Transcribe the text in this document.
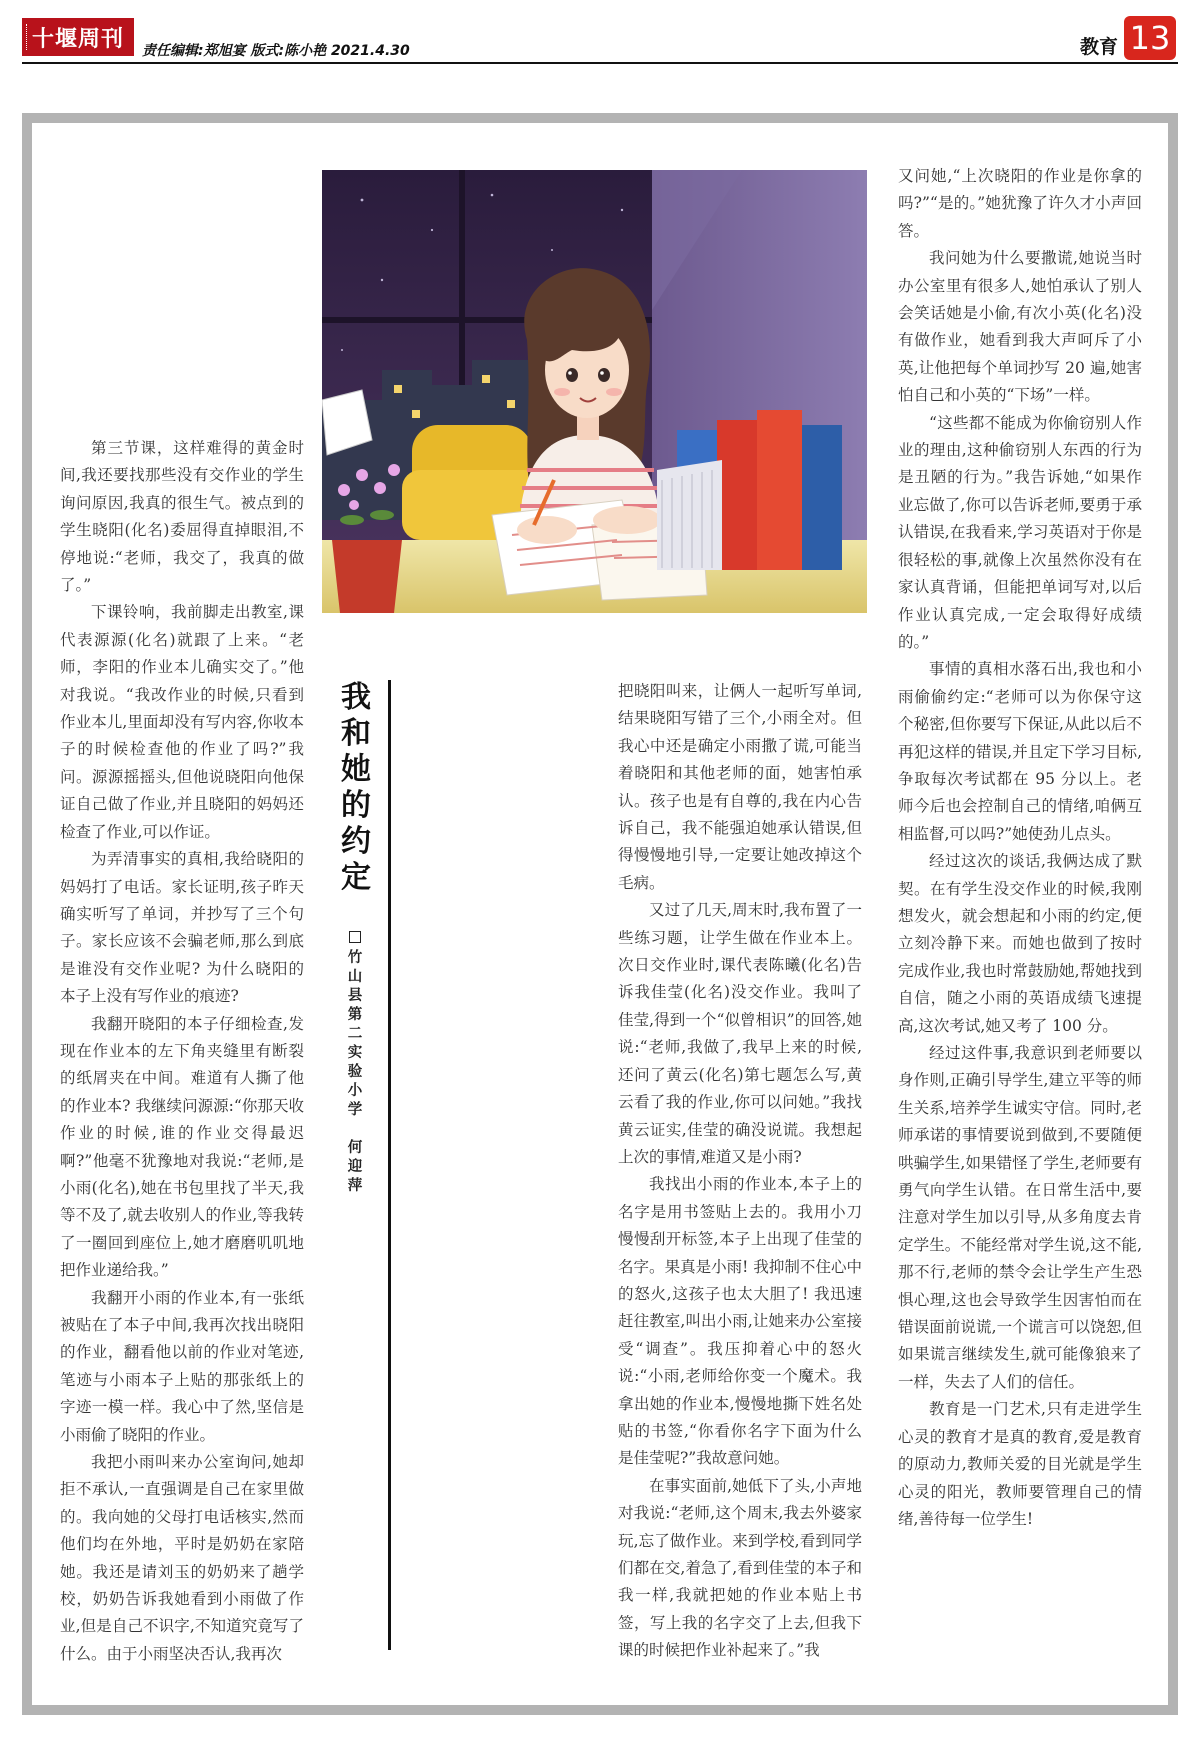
十堰周刊 责任编辑:郑旭宴 版式:陈小艳 2021.4.30	教育 13
我
和
她
的
约
定

竹
山
县
第
二
实
验
小
学

何
迎
萍

第三节课，这样难得的黄金时间,我还要找那些没有交作业的学生询问原因,我真的很生气。被点到的学生晓阳(化名)委屈得直掉眼泪,不停地说:“老师，我交了，我真的做了。”

下课铃响，我前脚走出教室,课代表源源(化名)就跟了上来。“老师，李阳的作业本儿确实交了。”他对我说。“我改作业的时候,只看到作业本儿,里面却没有写内容,你收本子的时候检查他的作业了吗?”我问。源源摇摇头,但他说晓阳向他保证自己做了作业,并且晓阳的妈妈还检查了作业,可以作证。

为弄清事实的真相,我给晓阳的妈妈打了电话。家长证明,孩子昨天确实听写了单词，并抄写了三个句子。家长应该不会骗老师,那么到底是谁没有交作业呢? 为什么晓阳的本子上没有写作业的痕迹?

我翻开晓阳的本子仔细检查,发现在作业本的左下角夹缝里有断裂的纸屑夹在中间。难道有人撕了他的作业本? 我继续问源源:“你那天收作业的时候,谁的作业交得最迟啊?”他毫不犹豫地对我说:“老师,是小雨(化名),她在书包里找了半天,我等不及了,就去收别人的作业,等我转了一圈回到座位上,她才磨磨叽叽地把作业递给我。”

我翻开小雨的作业本,有一张纸被贴在了本子中间,我再次找出晓阳的作业，翻看他以前的作业对笔迹,笔迹与小雨本子上贴的那张纸上的字迹一模一样。我心中了然,坚信是小雨偷了晓阳的作业。

我把小雨叫来办公室询问,她却拒不承认,一直强调是自己在家里做的。我向她的父母打电话核实,然而他们均在外地，平时是奶奶在家陪她。我还是请刘玉的奶奶来了趟学校，奶奶告诉我她看到小雨做了作业,但是自己不识字,不知道究竟写了什么。由于小雨坚决否认,我再次

把晓阳叫来，让俩人一起听写单词,结果晓阳写错了三个,小雨全对。但我心中还是确定小雨撒了谎,可能当着晓阳和其他老师的面，她害怕承认。孩子也是有自尊的,我在内心告诉自己，我不能强迫她承认错误,但得慢慢地引导,一定要让她改掉这个毛病。

又过了几天,周末时,我布置了一些练习题，让学生做在作业本上。次日交作业时,课代表陈曦(化名)告诉我佳莹(化名)没交作业。我叫了佳莹,得到一个“似曾相识”的回答,她说:“老师,我做了,我早上来的时候,还问了黄云(化名)第七题怎么写,黄云看了我的作业,你可以问她。”我找黄云证实,佳莹的确没说谎。我想起上次的事情,难道又是小雨?

我找出小雨的作业本,本子上的名字是用书签贴上去的。我用小刀慢慢刮开标签,本子上出现了佳莹的名字。果真是小雨! 我抑制不住心中的怒火,这孩子也太大胆了! 我迅速赶往教室,叫出小雨,让她来办公室接受“调查”。我压抑着心中的怒火说:“小雨,老师给你变一个魔术。我拿出她的作业本,慢慢地撕下姓名处贴的书签,“你看你名字下面为什么是佳莹呢?”我故意问她。

在事实面前,她低下了头,小声地对我说:“老师,这个周末,我去外婆家玩,忘了做作业。来到学校,看到同学们都在交,着急了,看到佳莹的本子和我一样,我就把她的作业本贴上书签，写上我的名字交了上去,但我下课的时候把作业补起来了。”我

又问她,“上次晓阳的作业是你拿的吗?”“是的。”她犹豫了许久才小声回答。

我问她为什么要撒谎,她说当时办公室里有很多人,她怕承认了别人会笑话她是小偷,有次小英(化名)没有做作业，她看到我大声呵斥了小英,让他把每个单词抄写 20 遍,她害怕自己和小英的“下场”一样。

“这些都不能成为你偷窃别人作业的理由,这种偷窃别人东西的行为是丑陋的行为。”我告诉她,“如果作业忘做了,你可以告诉老师,要勇于承认错误,在我看来,学习英语对于你是很轻松的事,就像上次虽然你没有在家认真背诵，但能把单词写对,以后作业认真完成,一定会取得好成绩的。”

事情的真相水落石出,我也和小雨偷偷约定:“老师可以为你保守这个秘密,但你要写下保证,从此以后不再犯这样的错误,并且定下学习目标,争取每次考试都在 95 分以上。老师今后也会控制自己的情绪,咱俩互相监督,可以吗?”她使劲儿点头。

经过这次的谈话,我俩达成了默契。在有学生没交作业的时候,我刚想发火，就会想起和小雨的约定,便立刻冷静下来。而她也做到了按时完成作业,我也时常鼓励她,帮她找到自信，随之小雨的英语成绩飞速提高,这次考试,她又考了 100 分。

经过这件事,我意识到老师要以身作则,正确引导学生,建立平等的师生关系,培养学生诚实守信。同时,老师承诺的事情要说到做到,不要随便哄骗学生,如果错怪了学生,老师要有勇气向学生认错。在日常生活中,要注意对学生加以引导,从多角度去肯定学生。不能经常对学生说,这不能,那不行,老师的禁令会让学生产生恐惧心理,这也会导致学生因害怕而在错误面前说谎,一个谎言可以饶恕,但如果谎言继续发生,就可能像狼来了一样，失去了人们的信任。

教育是一门艺术,只有走进学生心灵的教育才是真的教育,爱是教育的原动力,教师关爱的目光就是学生心灵的阳光，教师要管理自己的情绪,善待每一位学生!
